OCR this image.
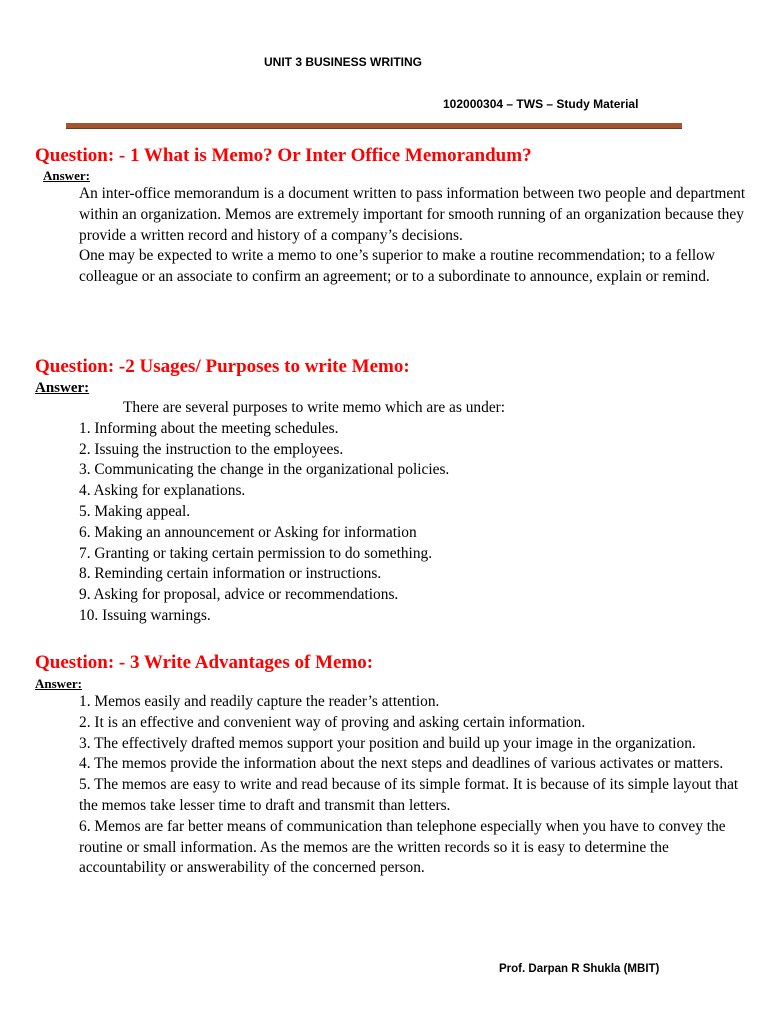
UNIT 3 BUSINESS WRITING
102000304 – TWS – Study Material
Question: - 1 What is Memo? Or Inter Office Memorandum?
Answer:

An inter-office memorandum is a document written to pass information between two people and department within an organization. Memos are extremely important for smooth running of an organization because they provide a written record and history of a company’s decisions.

One may be expected to write a memo to one’s superior to make a routine recommendation; to a fellow colleague or an associate to confirm an agreement; or to a subordinate to announce, explain or remind.

Question: -2 Usages/ Purposes to write Memo:
Answer:

There are several purposes to write memo which are as under:

1. Informing about the meeting schedules.
2. Issuing the instruction to the employees.
3. Communicating the change in the organizational policies.
4. Asking for explanations.
5. Making appeal.
6. Making an announcement or Asking for information
7. Granting or taking certain permission to do something.
8. Reminding certain information or instructions.
9. Asking for proposal, advice or recommendations.
10. Issuing warnings.
Question: - 3 Write Advantages of Memo:
Answer:
1. Memos easily and readily capture the reader’s attention.
2. It is an effective and convenient way of proving and asking certain information.
3. The effectively drafted memos support your position and build up your image in the organization.
4. The memos provide the information about the next steps and deadlines of various activates or matters.
5. The memos are easy to write and read because of its simple format. It is because of its simple layout that the memos take lesser time to draft and transmit than letters.
6. Memos are far better means of communication than telephone especially when you have to convey the routine or small information. As the memos are the written records so it is easy to determine the accountability or answerability of the concerned person.
Prof. Darpan R Shukla (MBIT)
